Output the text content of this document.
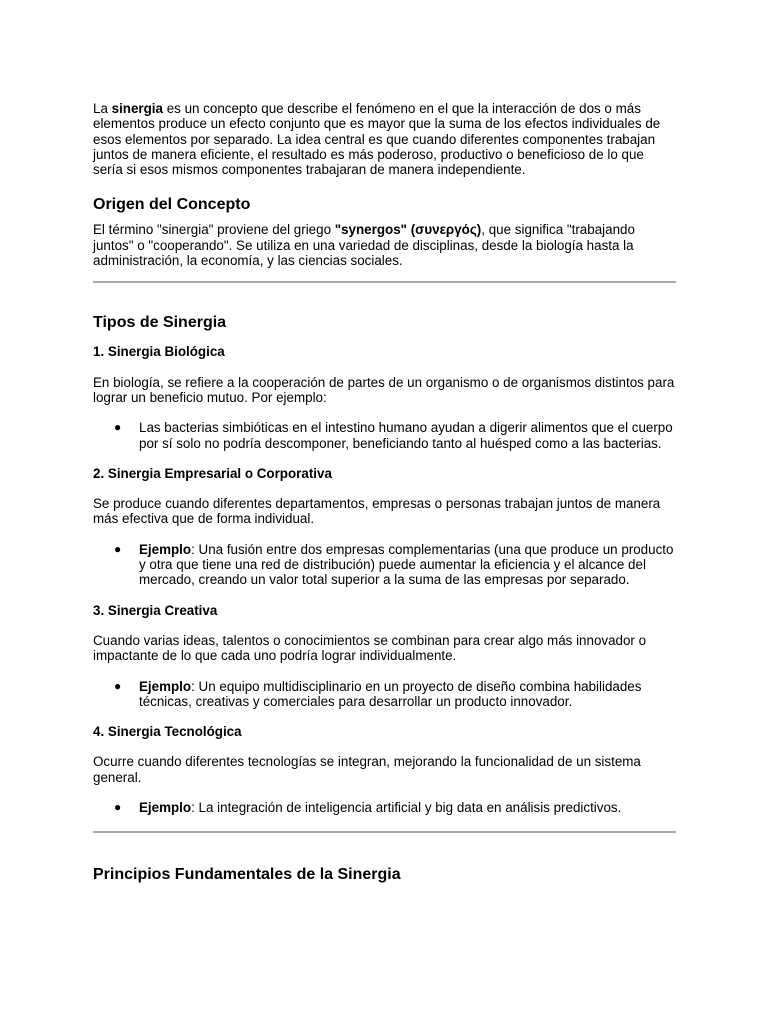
La sinergia es un concepto que describe el fenómeno en el que la interacción de dos o más elementos produce un efecto conjunto que es mayor que la suma de los efectos individuales de esos elementos por separado. La idea central es que cuando diferentes componentes trabajan juntos de manera eficiente, el resultado es más poderoso, productivo o beneficioso de lo que sería si esos mismos componentes trabajaran de manera independiente.

Origen del Concepto

El término "sinergia" proviene del griego "synergos" (συνεργός), que significa "trabajando juntos" o "cooperando". Se utiliza en una variedad de disciplinas, desde la biología hasta la administración, la economía, y las ciencias sociales.

Tipos de Sinergia
1. Sinergia Biológica

En biología, se refiere a la cooperación de partes de un organismo o de organismos distintos para lograr un beneficio mutuo. Por ejemplo:

● Las bacterias simbióticas en el intestino humano ayudan a digerir alimentos que el cuerpo por sí solo no podría descomponer, beneficiando tanto al huésped como a las bacterias.
2. Sinergia Empresarial o Corporativa

Se produce cuando diferentes departamentos, empresas o personas trabajan juntos de manera más efectiva que de forma individual.

● Ejemplo: Una fusión entre dos empresas complementarias (una que produce un producto y otra que tiene una red de distribución) puede aumentar la eficiencia y el alcance del mercado, creando un valor total superior a la suma de las empresas por separado.
3. Sinergia Creativa

Cuando varias ideas, talentos o conocimientos se combinan para crear algo más innovador o impactante de lo que cada uno podría lograr individualmente.

● Ejemplo: Un equipo multidisciplinario en un proyecto de diseño combina habilidades técnicas, creativas y comerciales para desarrollar un producto innovador.
4. Sinergia Tecnológica

Ocurre cuando diferentes tecnologías se integran, mejorando la funcionalidad de un sistema general.

● Ejemplo: La integración de inteligencia artificial y big data en análisis predictivos.
Principios Fundamentales de la Sinergia
